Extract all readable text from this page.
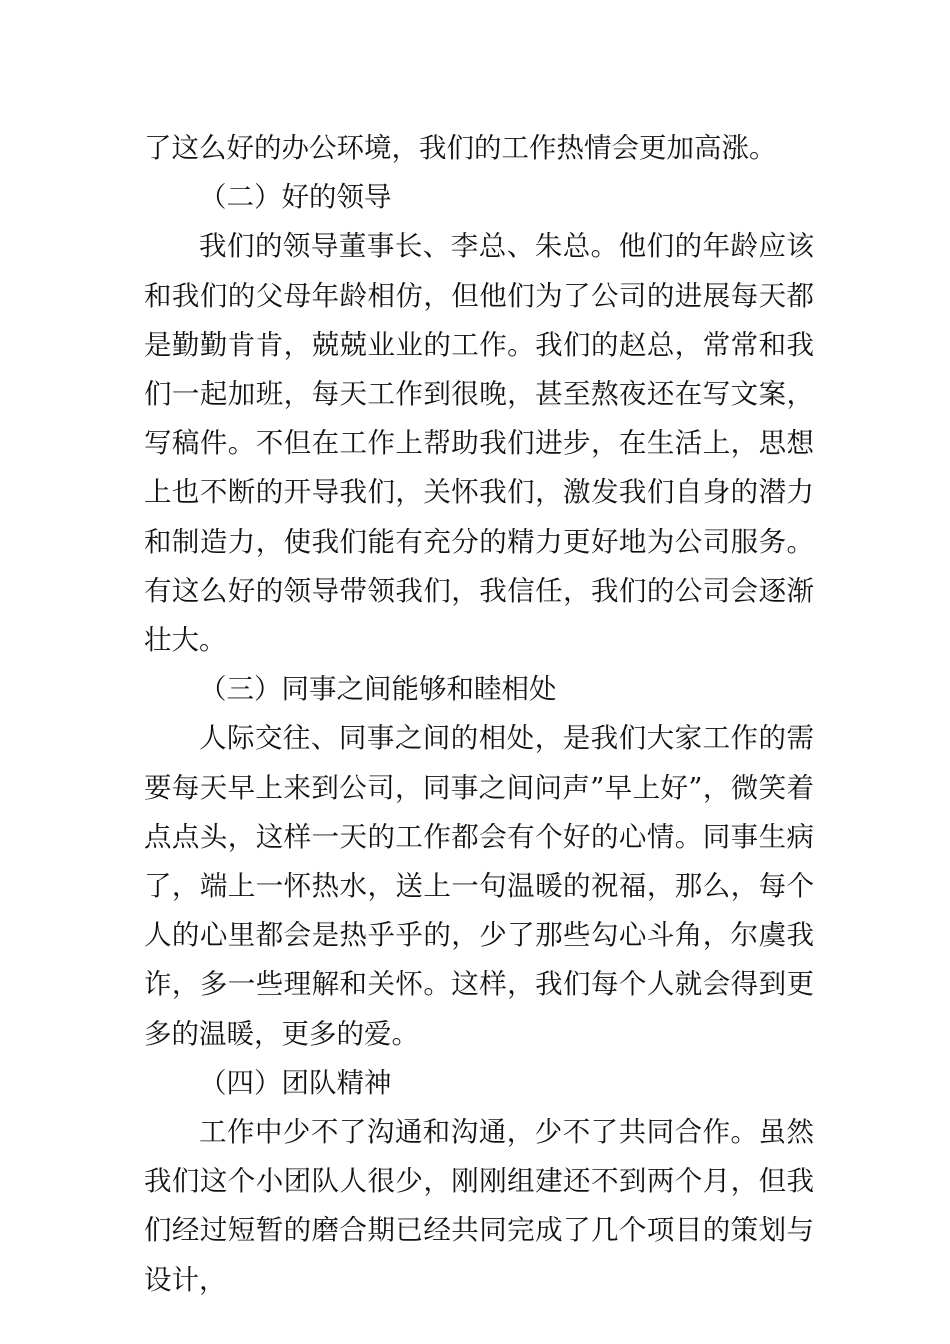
了这么好的办公环境，我们的工作热情会更加高涨。

（二）好的领导

我们的领导董事长、李总、朱总。他们的年龄应该和我们的父母年龄相仿，但他们为了公司的进展每天都是勤勤肯肯，兢兢业业的工作。我们的赵总，常常和我们一起加班，每天工作到很晚，甚至熬夜还在写文案，写稿件。不但在工作上帮助我们进步，在生活上，思想上也不断的开导我们，关怀我们，激发我们自身的潜力和制造力，使我们能有充分的精力更好地为公司服务。有这么好的领导带领我们，我信任，我们的公司会逐渐壮大。

（三）同事之间能够和睦相处

人际交往、同事之间的相处，是我们大家工作的需要每天早上来到公司，同事之间问声”早上好”，微笑着点点头，这样一天的工作都会有个好的心情。同事生病了，端上一怀热水，送上一句温暖的祝福，那么，每个人的心里都会是热乎乎的，少了那些勾心斗角，尔虞我诈，多一些理解和关怀。这样，我们每个人就会得到更多的温暖，更多的爱。

（四）团队精神

工作中少不了沟通和沟通，少不了共同合作。虽然我们这个小团队人很少，刚刚组建还不到两个月，但我们经过短暂的磨合期已经共同完成了几个项目的策划与设计，
